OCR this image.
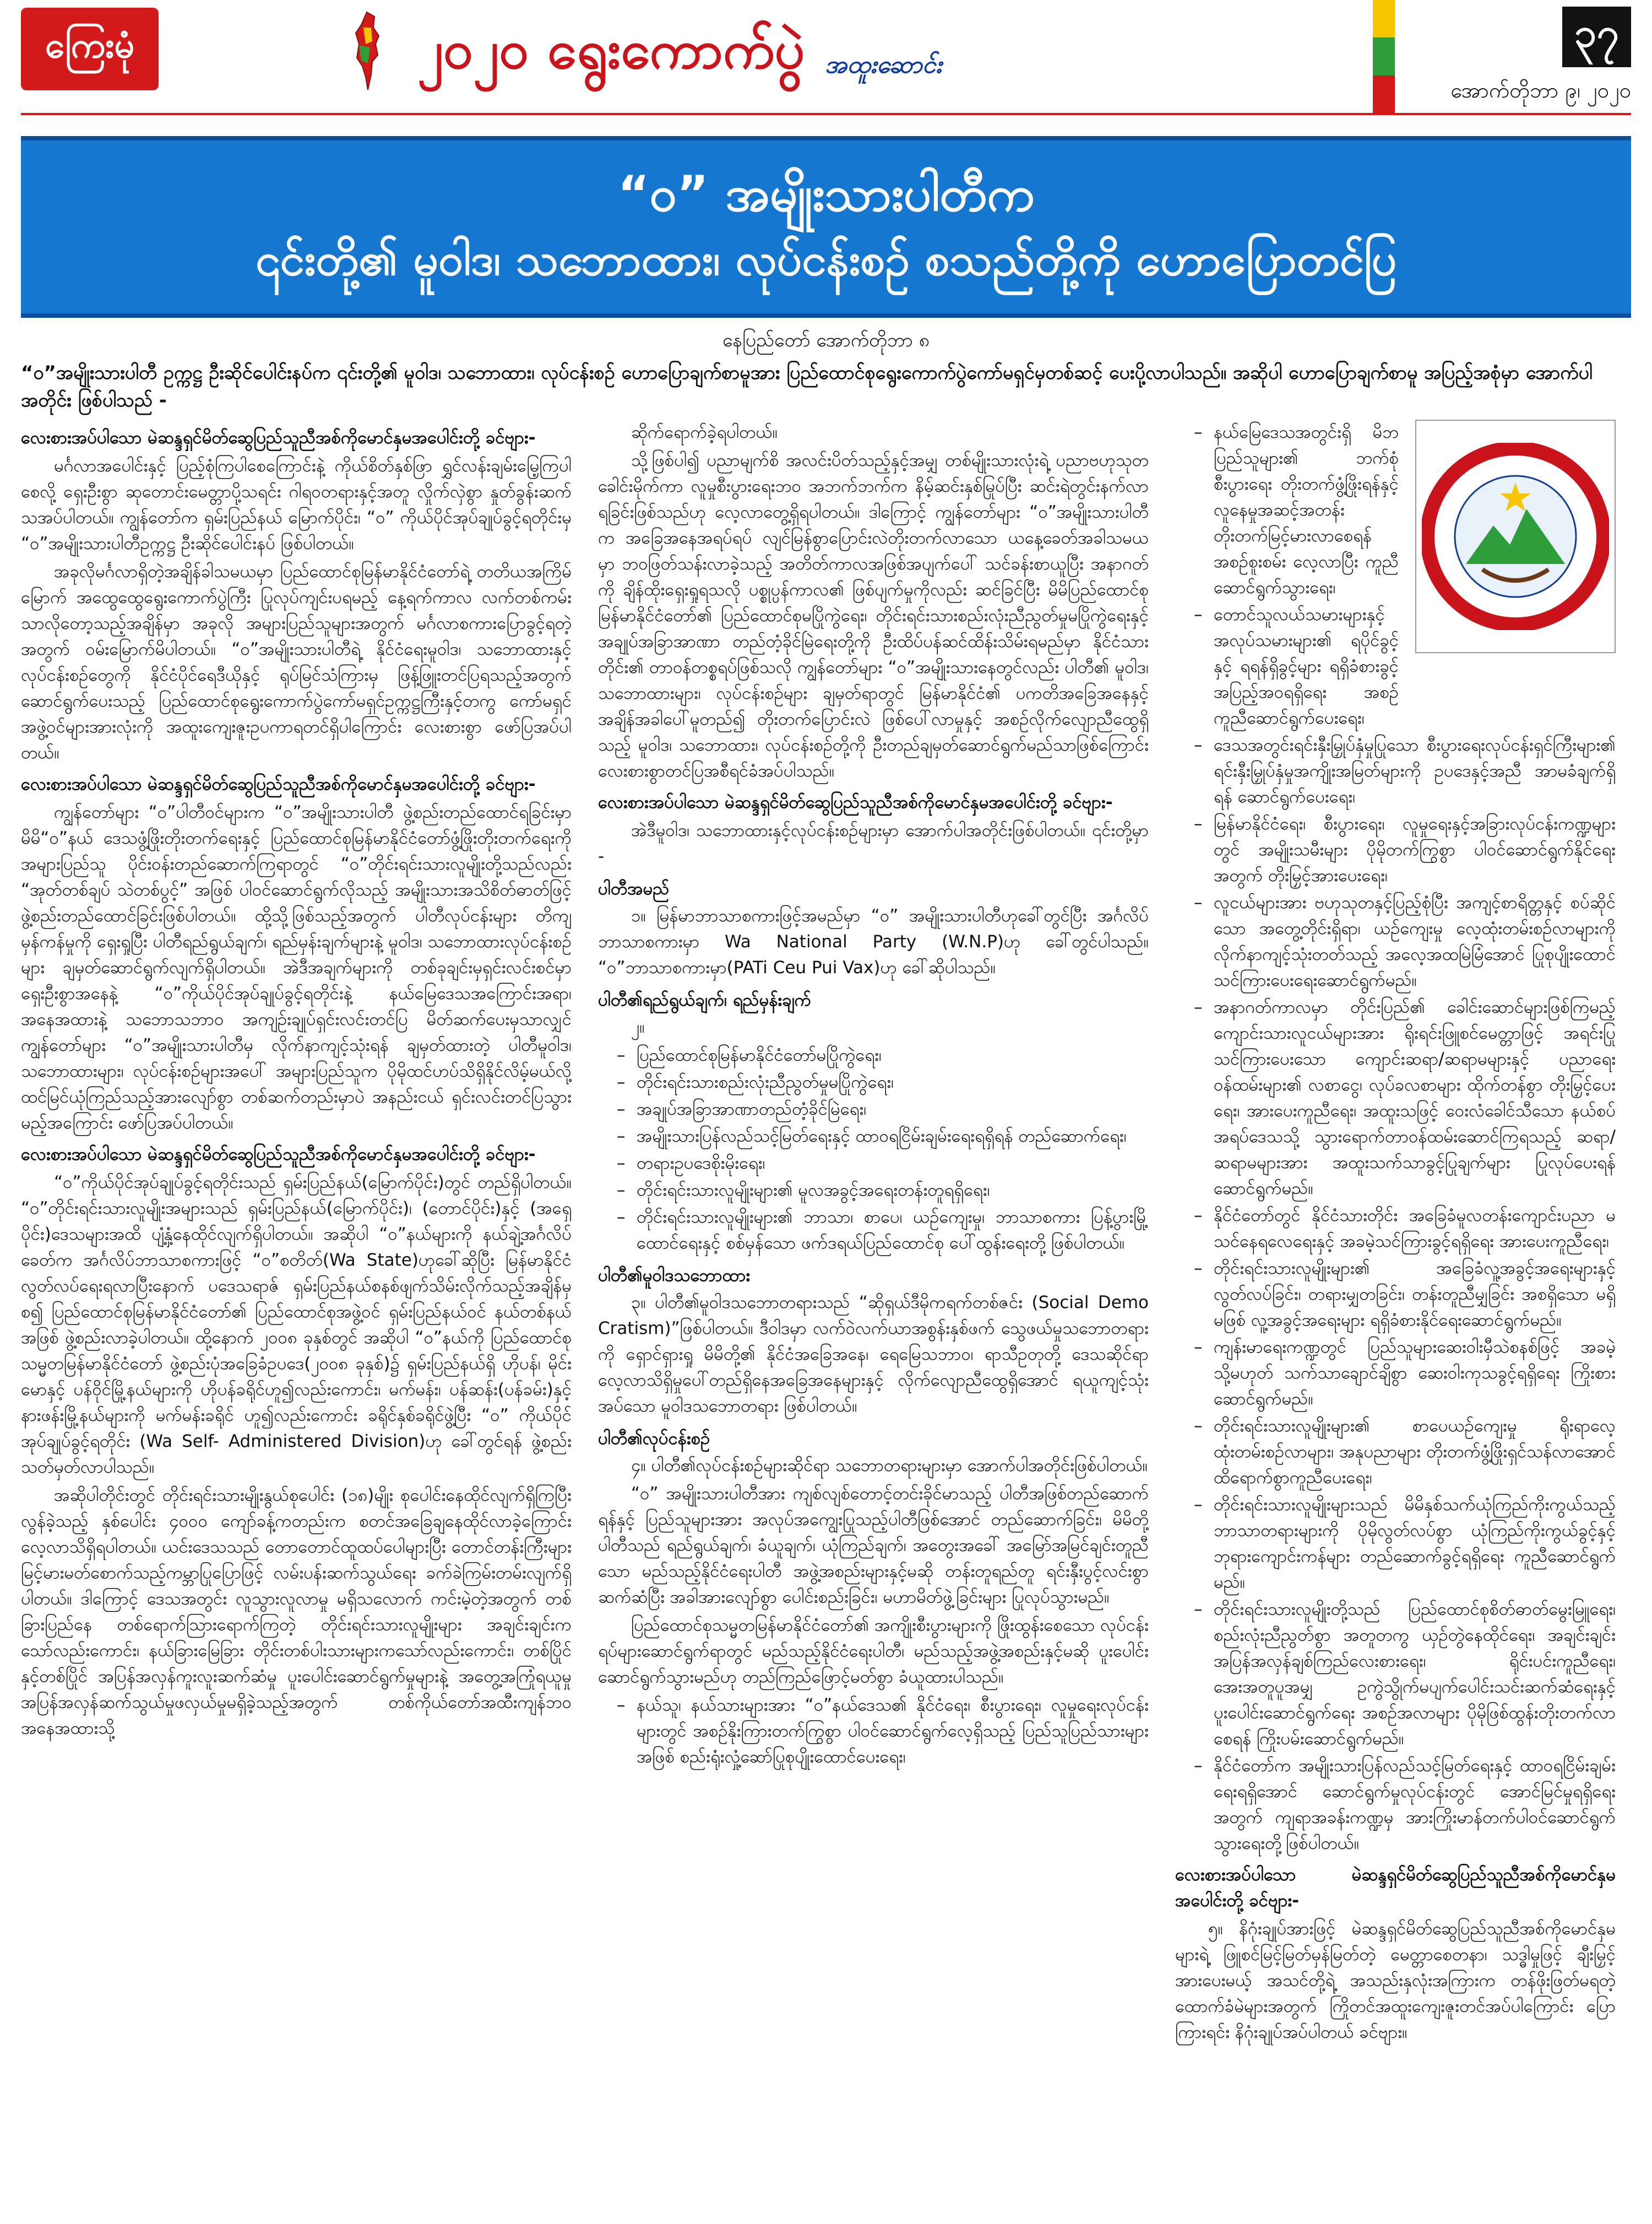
ကြေးမုံ	၂၀၂၀ ရွေးကောက်ပွဲ အထူးဆောင်း
၃၇
အောက်တိုဘာ ၉၊ ၂၀၂၀
“ဝ” အမျိုးသားပါတီက
၎င်းတို့၏ မူဝါဒ၊ သဘောထား၊ လုပ်ငန်းစဉ် စသည်တို့ကို ဟောပြောတင်ပြ
နေပြည်တော် အောက်တိုဘာ ၈
“ဝ”အမျိုးသားပါတီ ဥက္ကဋ္ဌ ဦးဆိုင်ပေါင်းနပ်က ၎င်းတို့၏ မူဝါဒ၊ သဘောထား၊ လုပ်ငန်းစဉ် ဟောပြောချက်စာမူအား ပြည်ထောင်စုရွေးကောက်ပွဲကော်မရှင်မှတစ်ဆင့် ပေးပို့လာပါသည်။ အဆိုပါ ဟောပြောချက်စာမူ အပြည့်အစုံမှာ အောက်ပါအတိုင်း ဖြစ်ပါသည် -
လေးစားအပ်ပါသော မဲဆန္ဒရှင်မိတ်ဆွေပြည်သူညီအစ်ကိုမောင်နှမအပေါင်းတို့ ခင်ဗျား-

မင်္ဂလာအပေါင်းနှင့် ပြည့်စုံကြပါစေကြောင်းနဲ့ ကိုယ်စိတ်နှစ်ဖြာ ရွှင်လန်းချမ်းမြေ့ကြပါစေလို့ ရှေးဦးစွာ ဆုတောင်းမေတ္တာပို့သရင်း ဂါရဝတရားနှင့်အတူ လှိုက်လှဲစွာ နှုတ်ခွန်းဆက်သအပ်ပါတယ်။ ကျွန်တော်က ရှမ်းပြည်နယ် မြောက်ပိုင်း၊ “ဝ” ကိုယ်ပိုင်အုပ်ချုပ်ခွင့်ရတိုင်းမှ “ဝ”အမျိုးသားပါတီဥက္ကဋ္ဌ ဦးဆိုင်ပေါင်းနပ် ဖြစ်ပါတယ်။

အခုလိုမင်္ဂလာရှိတဲ့အချိန်ခါသမယမှာ ပြည်ထောင်စုမြန်မာနိုင်ငံတော်ရဲ့ တတိယအကြိမ်မြောက် အထွေထွေရွေးကောက်ပွဲကြီး ပြုလုပ်ကျင်းပရမည့် နေ့ရက်ကာလ လက်တစ်ကမ်းသာလိုတော့သည့်အချိန်မှာ အခုလို အများပြည်သူများအတွက် မင်္ဂလာစကားပြောခွင့်ရတဲ့အတွက် ဝမ်းမြောက်မိပါတယ်။ “ဝ”အမျိုးသားပါတီရဲ့ နိုင်ငံရေးမူဝါဒ၊ သဘောထားနှင့် လုပ်ငန်းစဉ်တွေကို နိုင်ငံပိုင်ရေဒီယိုနှင့် ရုပ်မြင်သံကြားမှ ဖြန့်ဖြူးတင်ပြရသည့်အတွက် ဆောင်ရွက်ပေးသည့် ပြည်ထောင်စုရွေးကောက်ပွဲကော်မရှင်ဥက္ကဋ္ဌကြီးနှင့်တကွ ကော်မရှင်အဖွဲ့ဝင်များအားလုံးကို အထူးကျေးဇူးဥပကာရတင်ရှိပါကြောင်း လေးစားစွာ ဖော်ပြအပ်ပါတယ်။

လေးစားအပ်ပါသော မဲဆန္ဒရှင်မိတ်ဆွေပြည်သူညီအစ်ကိုမောင်နှမအပေါင်းတို့ ခင်ဗျား-

ကျွန်တော်များ “ဝ”ပါတီဝင်များက “ဝ”အမျိုးသားပါတီ ဖွဲ့စည်းတည်ထောင်ရခြင်းမှာ မိမိ“ဝ”နယ် ဒေသဖွံ့ဖြိုးတိုးတက်ရေးနှင့် ပြည်ထောင်စုမြန်မာနိုင်ငံတော်ဖွံ့ဖြိုးတိုးတက်ရေးကို အများပြည်သူ ပိုင်းဝန်းတည်ဆောက်ကြရာတွင် “ဝ”တိုင်းရင်းသားလူမျိုးတို့သည်လည်း “အုတ်တစ်ချပ် သဲတစ်ပွင့်” အဖြစ် ပါဝင်ဆောင်ရွက်လိုသည့် အမျိုးသားအသိစိတ်ဓာတ်ဖြင့် ဖွဲ့စည်းတည်ထောင်ခြင်းဖြစ်ပါတယ်။ ထို့သို့ဖြစ်သည့်အတွက် ပါတီလုပ်ငန်းများ တိကျမှန်ကန်မှုကို ရှေးရှုပြီး ပါတီရည်ရွယ်ချက်၊ ရည်မှန်းချက်များနဲ့ မူဝါဒ၊ သဘောထားလုပ်ငန်းစဉ်များ ချမှတ်ဆောင်ရွက်လျက်ရှိပါတယ်။ အဲဒီအချက်များကို တစ်ခုချင်းမှရှင်းလင်းစင်မှာ ရှေးဦးစွာအနေနဲ့ “ဝ”ကိုယ်ပိုင်အုပ်ချုပ်ခွင့်ရတိုင်းနဲ့ နယ်မြေဒေသအကြောင်းအရာ၊ အနေအထားနဲ့ သဘောသဘာဝ အကျဉ်းချုပ်ရှင်းလင်းတင်ပြ မိတ်ဆက်ပေးမှသာလျှင် ကျွန်တော်များ “ဝ”အမျိုးသားပါတီမှ လိုက်နာကျင့်သုံးရန် ချမှတ်ထားတဲ့ ပါတီမူဝါဒ၊ သဘောထားများ၊ လုပ်ငန်းစဉ်များအပေါ် အများပြည်သူက ပိုမိုထင်ဟပ်သိရှိနိုင်လိမ့်မယ်လို့ ထင်မြင်ယုံကြည်သည့်အားလျော်စွာ တစ်ဆက်တည်းမှာပဲ အနည်းငယ် ရှင်းလင်းတင်ပြသွားမည့်အကြောင်း ဖော်ပြအပ်ပါတယ်။

လေးစားအပ်ပါသော မဲဆန္ဒရှင်မိတ်ဆွေပြည်သူညီအစ်ကိုမောင်နှမအပေါင်းတို့ ခင်ဗျား-

“ဝ”ကိုယ်ပိုင်အုပ်ချုပ်ခွင့်ရတိုင်းသည် ရှမ်းပြည်နယ်(မြောက်ပိုင်း)တွင် တည်ရှိပါတယ်။ “ဝ”တိုင်းရင်းသားလူမျိုးအများသည် ရှမ်းပြည်နယ်(မြောက်ပိုင်း)၊ (တောင်ပိုင်း)နှင့် (အရှေ့ပိုင်း)ဒေသများအထိ ပျံ့နှံ့နေထိုင်လျက်ရှိပါတယ်။ အဆိုပါ “ဝ”နယ်များကို နယ်ချဲ့အင်္ဂလိပ်ခေတ်က အင်္ဂလိပ်ဘာသာစကားဖြင့် “ဝ”စတိတ်(Wa State)ဟုခေါ်ဆိုပြီး မြန်မာနိုင်ငံ လွတ်လပ်ရေးရလာပြီးနောက် ပဒေသရာဇ် ရှမ်းပြည်နယ်စနစ်ဖျက်သိမ်းလိုက်သည့်အချိန်မှ စ၍ ပြည်ထောင်စုမြန်မာနိုင်ငံတော်၏ ပြည်ထောင်စုအဖွဲ့ဝင် ရှမ်းပြည်နယ်ဝင် နယ်တစ်နယ်အဖြစ် ဖွဲ့စည်းလာခဲ့ပါတယ်။ ထို့နောက် ၂၀၀၈ ခုနှစ်တွင် အဆိုပါ “ဝ”နယ်ကို ပြည်ထောင်စုသမ္မတမြန်မာနိုင်ငံတော် ဖွဲ့စည်းပုံအခြေခံဥပဒေ(၂၀၀၈ ခုနှစ်)၌ ရှမ်းပြည်နယ်ရှိ ဟိုပန်၊ မိုင်းမောနှင့် ပန်ဝိုင်မြို့နယ်များကို ဟိုပန်ခရိုင်ဟူ၍လည်းကောင်း၊ မက်မန်း၊ ပန်ဆန်း(ပန်ခမ်း)နှင့် နားဖန်းမြို့နယ်များကို မက်မန်းခရိုင် ဟူ၍လည်းကောင်း ခရိုင်နှစ်ခရိုင်ဖွဲ့ပြီး “ဝ” ကိုယ်ပိုင်အုပ်ချုပ်ခွင့်ရတိုင်း (Wa Self- Administered Division)ဟု ခေါ်တွင်ရန် ဖွဲ့စည်းသတ်မှတ်လာပါသည်။

အဆိုပါတိုင်းတွင် တိုင်းရင်းသားမျိုးနွယ်စုပေါင်း (၁၈)မျိုး စုပေါင်းနေထိုင်လျက်ရှိကြပြီး လွန်ခဲ့သည့် နှစ်ပေါင်း ၄၀၀၀ ကျော်ခန့်ကတည်းက စတင်အခြေချနေထိုင်လာခဲ့ကြောင်း လေ့လာသိရှိရပါတယ်။ ယင်းဒေသသည် တောတောင်ထူထပ်ပေါများပြီး တောင်တန်းကြီးများ မြင့်မားမတ်စောက်သည့်ကမ္ဘာပြုပြောဖြင့် လမ်းပန်းဆက်သွယ်ရေး ခက်ခဲကြမ်းတမ်းလျက်ရှိပါတယ်။ ဒါကြောင့် ဒေသအတွင်း လူသွားလူလာမှု မရှိသလောက် ကင်းမဲ့တဲ့အတွက် တစ်ခြားပြည်နေ တစ်ရောက်သြားရောက်ကြတဲ့ တိုင်းရင်းသားလူမျိုးများ အချင်းချင်းကသော်လည်းကောင်း၊ နယ်ခြားမြေခြား တိုင်းတစ်ပါးသားများကသော်လည်းကောင်း၊ တစ်ပြိုင်နှင့်တစ်ပြိုင် အပြန်အလှန်ကူးလူးဆက်ဆံမှု ပူးပေါင်းဆောင်ရွက်မှုများနဲ့ အတွေ့အကြုံရယူမှု အပြန်အလှန်ဆက်သွယ်မှုဖလှယ်မှုမရှိခဲ့သည့်အတွက် တစ်ကိုယ်တော်အထီးကျန်ဘဝအနေအထားသို့

ဆိုက်ရောက်ခဲ့ရပါတယ်။

သို့ဖြစ်ပါ၍ ပညာမျက်စိ အလင်းပိတ်သည့်နှင့်အမျှ တစ်မျိုးသားလုံးရဲ့ ပညာဗဟုသုတ ခေါင်းမိုက်ကာ လူမှုစီးပွားရေးဘဝ အဘက်ဘက်က နိမ့်ဆင်းနှစ်မြုပ်ပြီး ဆင်းရဲတွင်းနက်လာရခြင်းဖြစ်သည်ဟု လေ့လာတွေ့ရှိရပါတယ်။ ဒါကြောင့် ကျွန်တော်များ “ဝ”အမျိုးသားပါတီက အခြေအနေအရပ်ရပ် လျင်မြန်စွာပြောင်းလဲတိုးတက်လာသော ယနေ့ခေတ်အခါသမယမှာ ဘဝဖြတ်သန်းလာခဲ့သည့် အတိတ်ကာလအဖြစ်အပျက်ပေါ် သင်ခန်းစာယူပြီး အနာဂတ်ကို ချိန်ထိုးရှေးရှုရသလို ပစ္စုပ္ပန်ကာလ၏ ဖြစ်ပျက်မှုကိုလည်း ဆင်ခြင်ပြီး မိမိပြည်ထောင်စုမြန်မာနိုင်ငံတော်၏ ပြည်ထောင်စုမပြိုကွဲရေး၊ တိုင်းရင်းသားစည်းလုံးညီညွတ်မှုမပြိုကွဲရေးနှင့် အချုပ်အခြာအာဏာ တည်တံ့ခိုင်မြဲရေးတို့ကို ဦးထိပ်ပန်ဆင်ထိန်းသိမ်းရမည်မှာ နိုင်ငံသားတိုင်း၏ တာဝန်တစ္စရပ်ဖြစ်သလို ကျွန်တော်များ “ဝ”အမျိုးသားနေတွင်လည်း ပါတီ၏ မူဝါဒ၊ သဘောထားများ၊ လုပ်ငန်းစဉ်များ ချမှတ်ရာတွင် မြန်မာနိုင်ငံ၏ ပကတိအခြေအနေနှင့် အချိန်အခါပေါ်မူတည်၍ တိုးတက်ပြောင်းလဲ ဖြစ်ပေါ်လာမှုနှင့် အစဉ်လိုက်လျောညီထွေရှိသည့် မူဝါဒ၊ သဘောထား၊ လုပ်ငန်းစဉ်တို့ကို ဦးတည်ချမှတ်ဆောင်ရွက်မည်သာဖြစ်ကြောင်း လေးစားစွာတင်ပြအစီရင်ခံအပ်ပါသည်။

လေးစားအပ်ပါသော မဲဆန္ဒရှင်မိတ်ဆွေပြည်သူညီအစ်ကိုမောင်နှမအပေါင်းတို့ ခင်ဗျား-

အဲဒီမူဝါဒ၊ သဘောထားနှင့်လုပ်ငန်းစဉ်များမှာ အောက်ပါအတိုင်းဖြစ်ပါတယ်။ ၎င်းတို့မှာ -

ပါတီအမည်

၁။ မြန်မာဘာသာစကားဖြင့်အမည်မှာ “ဝ” အမျိုးသားပါတီဟုခေါ်တွင်ပြီး အင်္ဂလိပ်ဘာသာစကားမှာ Wa National Party (W.N.P)ဟု ခေါ်တွင်ပါသည်။ “ဝ”ဘာသာစကားမှာ(PATi Ceu Pui Vax)ဟု ခေါ်ဆိုပါသည်။

ပါတီ၏ရည်ရွယ်ချက်၊ ရည်မှန်းချက်

၂။

– ပြည်ထောင်စုမြန်မာနိုင်ငံတော်မပြိုကွဲရေး၊
– တိုင်းရင်းသားစည်းလုံးညီညွတ်မှုမပြိုကွဲရေး၊
– အချုပ်အခြာအာဏာတည်တံ့ခိုင်မြဲရေး၊
– အမျိုးသားပြန်လည်သင့်မြတ်ရေးနှင့် ထာဝရငြိမ်းချမ်းရေးရရှိရန် တည်ဆောက်ရေး၊
– တရားဥပဒေစိုးမိုးရေး၊
– တိုင်းရင်းသားလူမျိုးများ၏ မူလအခွင့်အရေးတန်းတူရရှိရေး၊
– တိုင်းရင်းသားလူမျိုးများ၏ ဘာသာ၊ စာပေ၊ ယဉ်ကျေးမှု၊ ဘာသာစကား ပြန့်ပွားမြို့ထောင်ရေးနှင့် စစ်မှန်သော ဖက်ဒရယ်ပြည်ထောင်စု ပေါ်ထွန်းရေးတို့ ဖြစ်ပါတယ်။
ပါတီ၏မူဝါဒသဘောထား

၃။ ပါတီ၏မူဝါဒသဘောတရားသည် “ဆိုရှယ်ဒီမိုကရက်တစ်ဇင်း (Social Demo Cratism)”ဖြစ်ပါတယ်။ ဒီဝါဒမှာ လက်ဝဲလက်ယာအစွန်းနှစ်ဖက် သွေဖယ်မှုသဘောတရားကို ရှောင်ရှားရှု မိမိတို့၏ နိုင်ငံအခြေအနေ၊ ရေမြေသဘာဝ၊ ရာသီဥတုတို့ ဒေသဆိုင်ရာ လေ့လာသိရှိမှုပေါ်တည်ရှိနေအခြေအနေများနှင့် လိုက်လျောညီထွေရှိအောင် ရယူကျင့်သုံးအပ်သော မူဝါဒသဘောတရား ဖြစ်ပါတယ်။

ပါတီ၏လုပ်ငန်းစဉ်

၄။ ပါတီ၏လုပ်ငန်းစဉ်များဆိုင်ရာ သဘောတရားများမှာ အောက်ပါအတိုင်းဖြစ်ပါတယ်။

“ဝ” အမျိုးသားပါတီအား ကျစ်လျစ်တောင့်တင်းခိုင်မာသည့် ပါတီအဖြစ်တည်ဆောက်ရန်နှင့် ပြည်သူများအား အလုပ်အကျွေးပြုသည့်ပါတီဖြစ်အောင် တည်ဆောက်ခြင်း၊ မိမိတို့ပါတီသည် ရည်ရွယ်ချက်၊ ခံယူချက်၊ ယုံကြည်ချက်၊ အတွေးအခေါ် အမြော်အမြင်ချင်းတူညီသော မည်သည့်နိုင်ငံရေးပါတီ အဖွဲ့အစည်းများနှင့်မဆို တန်းတူရည်တူ ရင်းနှီးပွင့်လင်းစွာ ဆက်ဆံပြီး အခါအားလျော်စွာ ပေါင်းစည်းခြင်း၊ မဟာမိတ်ဖွဲ့ခြင်းများ ပြုလုပ်သွားမည်။

ပြည်ထောင်စုသမ္မတမြန်မာနိုင်ငံတော်၏ အကျိုးစီးပွားများကို ဖြိုးထွန်းစေသော လုပ်ငန်းရပ်များဆောင်ရွက်ရာတွင် မည်သည့်နိုင်ငံရေးပါတီ၊ မည်သည့်အဖွဲ့အစည်းနှင့်မဆို ပူးပေါင်းဆောင်ရွက်သွားမည်ဟု တည်ကြည်ဖြောင့်မတ်စွာ ခံယူထားပါသည်။

– နယ်သူ၊ နယ်သားများအား “ဝ”နယ်ဒေသ၏ နိုင်ငံရေး၊ စီးပွားရေး၊ လူမှုရေးလုပ်ငန်းများတွင် အစဉ်နိုးကြားတက်ကြွစွာ ပါဝင်ဆောင်ရွက်လေ့ရှိသည့် ပြည်သူပြည်သားများအဖြစ် စည်းရုံးလှုံ့ဆော်ပြုစုပျိုးထောင်ပေးရေး၊
– နယ်မြေဒေသအတွင်းရှိ မိဘပြည်သူများ၏ ဘက်စုံစီးပွားရေး တိုးတက်ဖွံ့ဖြိုးရန်နှင့် လူနေမှုအဆင့်အတန်း တိုးတက်မြင့်မားလာစေရန် အစဉ်စူးစမ်း လေ့လာပြီး ကူညီဆောင်ရွက်သွားရေး၊
– တောင်သူလယ်သမားများနှင့် အလုပ်သမားများ၏ ရပိုင်ခွင့်နှင့် ရရန်ရှိခွင့်များ ရရှိခံစားခွင့် အပြည့်အဝရရှိရေး အစဉ်ကူညီဆောင်ရွက်ပေးရေး၊
– ဒေသအတွင်းရင်းနှီးမြှုပ်နှံမှုပြုသော စီးပွားရေးလုပ်ငန်းရှင်ကြီးများ၏ ရင်းနှီးမြှုပ်နှံမှုအကျိုးအမြတ်များကို ဥပဒေနှင့်အညီ အာမခံချက်ရှိရန် ဆောင်ရွက်ပေးရေး၊
– မြန်မာနိုင်ငံရေး၊ စီးပွားရေး၊ လူမှုရေးနှင့်အခြားလုပ်ငန်းကဏ္ဍများတွင် အမျိုးသမီးများ ပိုမိုတက်ကြွစွာ ပါဝင်ဆောင်ရွက်နိုင်ရေးအတွက် တိုးမြှင့်အားပေးရေး၊
– လူငယ်များအား ဗဟုသုတနှင့်ပြည့်စုံပြီး အကျင့်စာရိတ္တနှင့် စပ်ဆိုင်သော အတွေ့တိုင်းရှိရာ၊ ယဉ်ကျေးမှု လေ့ထုံးတမ်းစဉ်လာများကို လိုက်နာကျင့်သုံးတတ်သည့် အလေ့အထမြဲမြံအောင် ပြုစုပျိုးထောင်သင်ကြားပေးရေးဆောင်ရွက်မည်။
– အနာဂတ်ကာလမှာ တိုင်းပြည်၏ ခေါင်းဆောင်များဖြစ်ကြမည့် ကျောင်းသားလူငယ်များအား ရိုးရင်းဖြူစင်မေတ္တာဖြင့် အရင်းပြုသင်ကြားပေးသော ကျောင်းဆရာ/ဆရာမများနှင့် ပညာရေးဝန်ထမ်းများ၏ လစာငွေ၊ လုပ်ခလစာများ ထိုက်တန်စွာ တိုးမြှင့်ပေးရေး၊ အားပေးကူညီရေး၊ အထူးသဖြင့် ဝေးလံခေါင်သီသော နယ်စပ်အရပ်ဒေသသို့ သွားရောက်တာဝန်ထမ်းဆောင်ကြရသည့် ဆရာ/ဆရာမများအား အထူးသက်သာခွင့်ပြုချက်များ ပြုလုပ်ပေးရန် ဆောင်ရွက်မည်။
– နိုင်ငံတော်တွင် နိုင်ငံသားတိုင်း အခြေခံမူလတန်းကျောင်းပညာ မသင်နေရလေရေးနှင့် အခမဲ့သင်ကြားခွင့်ရရှိရေး အားပေးကူညီရေး၊
– တိုင်းရင်းသားလူမျိုးများ၏ အခြေခံလူ့အခွင့်အရေးများနှင့် လွတ်လပ်ခြင်း၊ တရားမျှတခြင်း၊ တန်းတူညီမျှခြင်း အစရှိသော မရှိမဖြစ် လူ့အခွင့်အရေးများ ရရှိခံစားနိုင်ရေးဆောင်ရွက်မည်။
– ကျန်းမာရေးကဏ္ဍတွင် ပြည်သူများဆေးဝါးမှီသဲစနစ်ဖြင့် အခမဲ့သို့မဟုတ် သက်သာချောင်ချိစွာ ဆေးဝါးကုသခွင့်ရရှိရေး ကြိုးစားဆောင်ရွက်မည်။
– တိုင်းရင်းသားလူမျိုးများ၏ စာပေယဉ်ကျေးမှု ရိုးရာလေ့ထုံးတမ်းစဉ်လာများ၊ အနုပညာများ တိုးတက်ဖွံ့ဖြိုးရှင်သန်လာအောင် ထိရောက်စွာကူညီပေးရေး၊
– တိုင်းရင်းသားလူမျိုးများသည် မိမိနှစ်သက်ယုံကြည်ကိုးကွယ်သည့် ဘာသာတရားများကို ပိုမိုလွတ်လပ်စွာ ယုံကြည်ကိုးကွယ်ခွင့်နှင့် ဘုရားကျောင်းကန်များ တည်ဆောက်ခွင့်ရရှိရေး ကူညီဆောင်ရွက်မည်။
– တိုင်းရင်းသားလူမျိုးတို့သည် ပြည်ထောင်စုစိတ်ဓာတ်မွေးမြူရေး၊ စည်းလုံးညီညွတ်စွာ အတူတကွ ယှဉ်တွဲနေထိုင်ရေး၊ အချင်းချင်း အပြန်အလှန်ချစ်ကြည်လေးစားရေး၊ ရိုင်းပင်းကူညီရေး၊ အေးအတူပူအမျှ ဥကွဲသွိုက်မပျက်ပေါင်းသင်းဆက်ဆံရေးနှင့် ပူးပေါင်းဆောင်ရွက်ရေး အစဉ်အလာများ ပိုမိုဖြစ်ထွန်းတိုးတက်လာစေရန် ကြိုးပမ်းဆောင်ရွက်မည်။
– နိုင်ငံတော်က အမျိုးသားပြန်လည်သင့်မြတ်ရေးနှင့် ထာဝရငြိမ်းချမ်းရေးရရှိအောင် ဆောင်ရွက်မှုလုပ်ငန်းတွင် အောင်မြင်မှုရရှိရေးအတွက် ကျရာအခန်းကဏ္ဍမှ အားကြိုးမာန်တက်ပါဝင်ဆောင်ရွက်သွားရေးတို့ဖြစ်ပါတယ်။
လေးစားအပ်ပါသော မဲဆန္ဒရှင်မိတ်ဆွေပြည်သူညီအစ်ကိုမောင်နှမအပေါင်းတို့ ခင်ဗျား-

၅။ နိဂုံးချုပ်အားဖြင့် မဲဆန္ဒရှင်မိတ်ဆွေပြည်သူညီအစ်ကိုမောင်နှမများရဲ့ ဖြူစင်မြင့်မြတ်မှန်မြတ်တဲ့ မေတ္တာစေတနာ၊ သဒ္ဓါမှုဖြင့် ချီးမြှင့်အားပေးမယ့် အသင်တို့ရဲ့ အသည်းနှလုံးအကြားက တန်ဖိုးဖြတ်မရတဲ့ ထောက်ခံမဲများအတွက် ကြိုတင်အထူးကျေးဇူးတင်အပ်ပါကြောင်း ပြောကြားရင်း နိဂုံးချုပ်အပ်ပါတယ် ခင်ဗျား။
